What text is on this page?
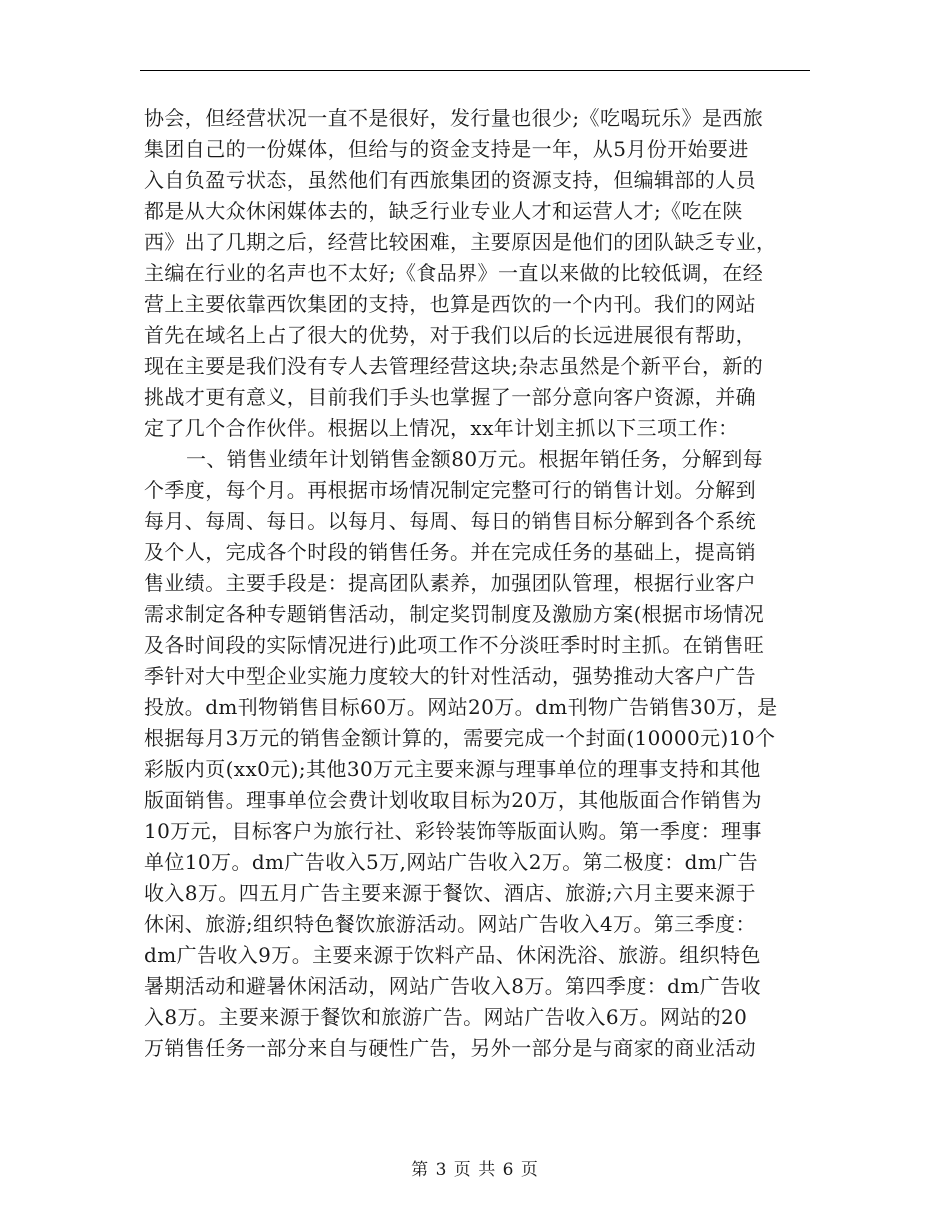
协会，但经营状况一直不是很好，发行量也很少;《吃喝玩乐》是西旅
集团自己的一份媒体，但给与的资金支持是一年，从5月份开始要进
入自负盈亏状态，虽然他们有西旅集团的资源支持，但编辑部的人员
都是从大众休闲媒体去的，缺乏行业专业人才和运营人才;《吃在陕
西》出了几期之后，经营比较困难，主要原因是他们的团队缺乏专业，
主编在行业的名声也不太好;《食品界》一直以来做的比较低调，在经
营上主要依靠西饮集团的支持，也算是西饮的一个内刊。我们的网站
首先在域名上占了很大的优势，对于我们以后的长远进展很有帮助，
现在主要是我们没有专人去管理经营这块;杂志虽然是个新平台，新的
挑战才更有意义，目前我们手头也掌握了一部分意向客户资源，并确
定了几个合作伙伴。根据以上情况，xx年计划主抓以下三项工作：
一、销售业绩年计划销售金额80万元。根据年销任务，分解到每
个季度，每个月。再根据市场情况制定完整可行的销售计划。分解到
每月、每周、每日。以每月、每周、每日的销售目标分解到各个系统
及个人，完成各个时段的销售任务。并在完成任务的基础上，提高销
售业绩。主要手段是：提高团队素养，加强团队管理，根据行业客户
需求制定各种专题销售活动，制定奖罚制度及激励方案(根据市场情况
及各时间段的实际情况进行)此项工作不分淡旺季时时主抓。在销售旺
季针对大中型企业实施力度较大的针对性活动，强势推动大客户广告
投放。dm刊物销售目标60万。网站20万。dm刊物广告销售30万，是
根据每月3万元的销售金额计算的，需要完成一个封面(10000元)10个
彩版内页(xx0元);其他30万元主要来源与理事单位的理事支持和其他
版面销售。理事单位会费计划收取目标为20万，其他版面合作销售为
10万元，目标客户为旅行社、彩铃装饰等版面认购。第一季度：理事
单位10万。dm广告收入5万,网站广告收入2万。第二极度：dm广告
收入8万。四五月广告主要来源于餐饮、酒店、旅游;六月主要来源于
休闲、旅游;组织特色餐饮旅游活动。网站广告收入4万。第三季度：
dm广告收入9万。主要来源于饮料产品、休闲洗浴、旅游。组织特色
暑期活动和避暑休闲活动，网站广告收入8万。第四季度：dm广告收
入8万。主要来源于餐饮和旅游广告。网站广告收入6万。网站的20
万销售任务一部分来自与硬性广告，另外一部分是与商家的商业活动
第 3 页 共 6 页
